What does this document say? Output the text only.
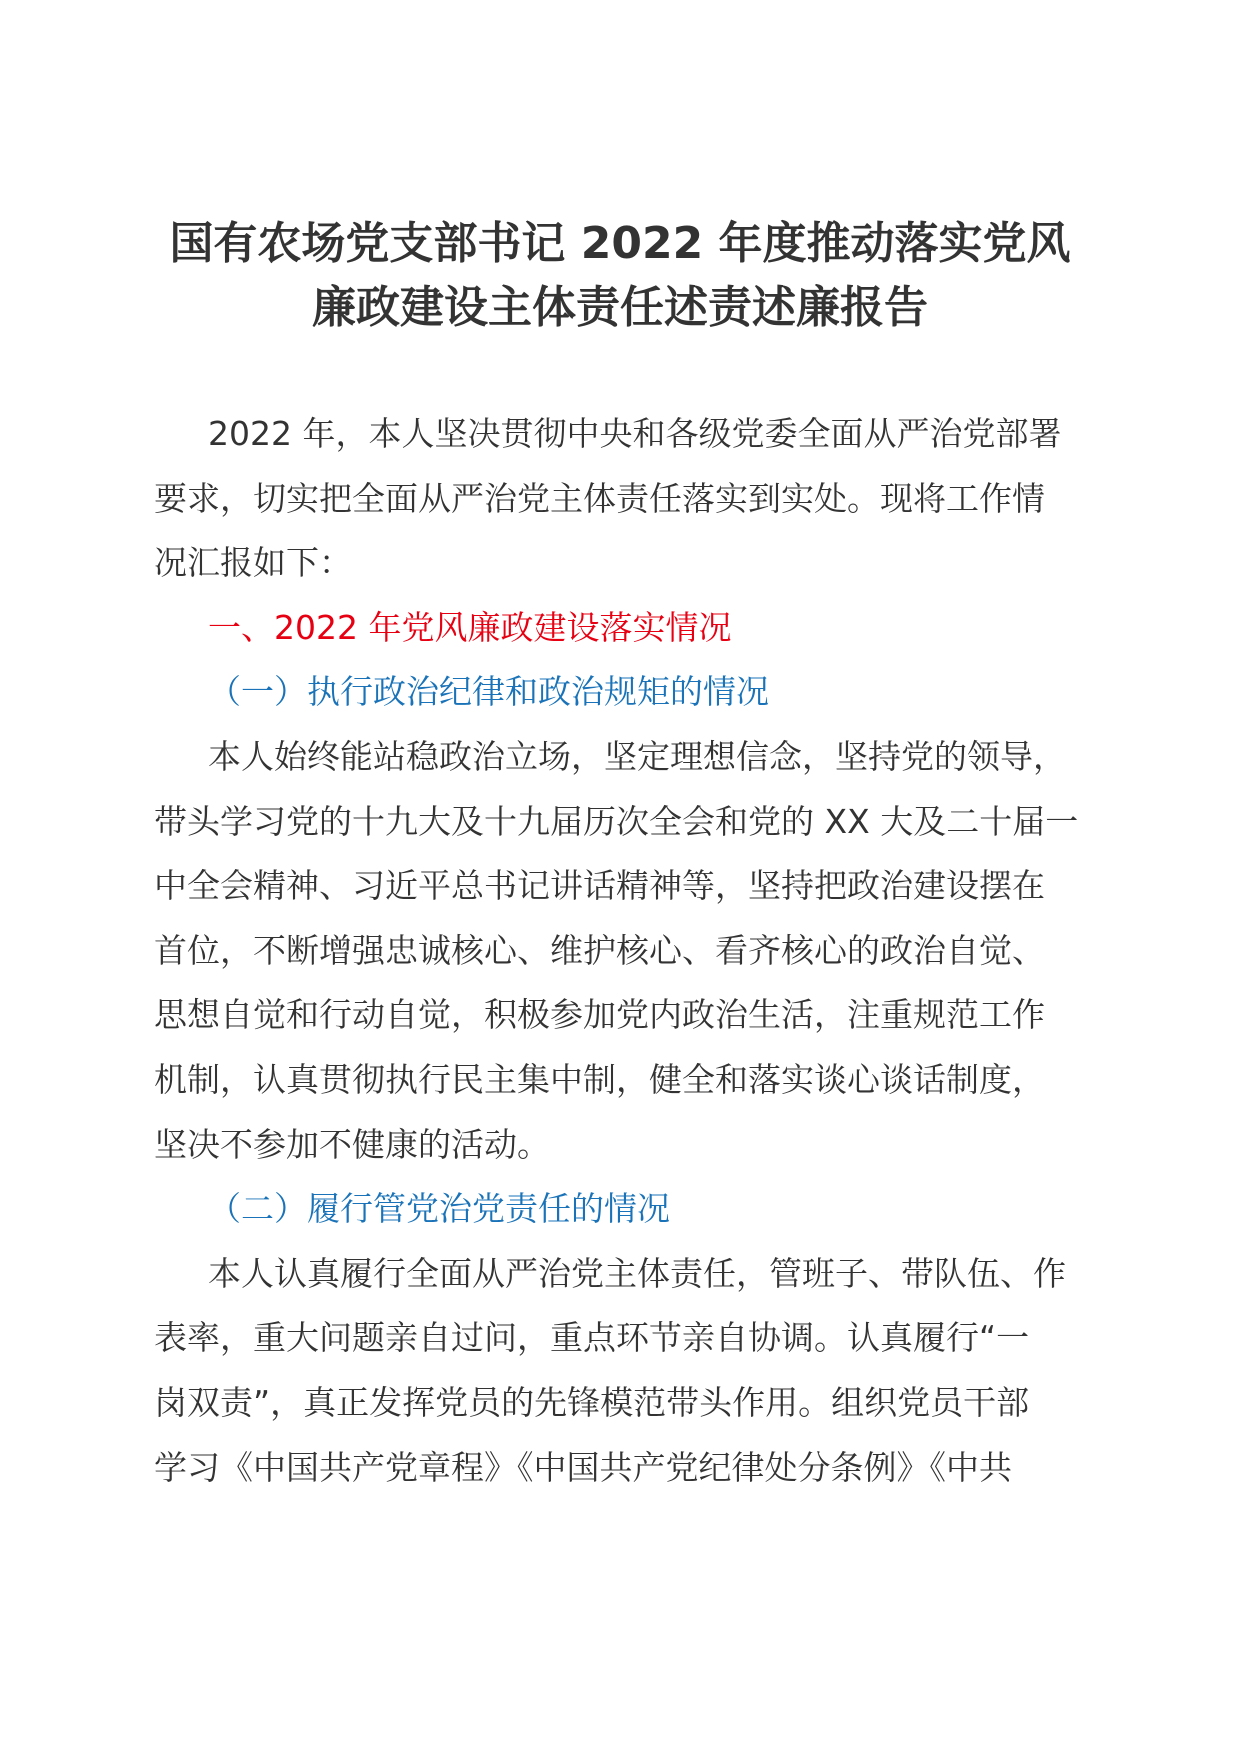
国有农场党支部书记 2022 年度推动落实党风
廉政建设主体责任述责述廉报告
2022 年，本人坚决贯彻中央和各级党委全面从严治党部署
要求，切实把全面从严治党主体责任落实到实处。现将工作情
况汇报如下：
一、2022 年党风廉政建设落实情况
（一）执行政治纪律和政治规矩的情况
本人始终能站稳政治立场，坚定理想信念，坚持党的领导，
带头学习党的十九大及十九届历次全会和党的 XX 大及二十届一
中全会精神、习近平总书记讲话精神等，坚持把政治建设摆在
首位，不断增强忠诚核心、维护核心、看齐核心的政治自觉、
思想自觉和行动自觉，积极参加党内政治生活，注重规范工作
机制，认真贯彻执行民主集中制，健全和落实谈心谈话制度，
坚决不参加不健康的活动。
（二）履行管党治党责任的情况
本人认真履行全面从严治党主体责任，管班子、带队伍、作
表率，重大问题亲自过问，重点环节亲自协调。认真履行“一
岗双责”，真正发挥党员的先锋模范带头作用。组织党员干部
学习《中国共产党章程》《中国共产党纪律处分条例》《中共
